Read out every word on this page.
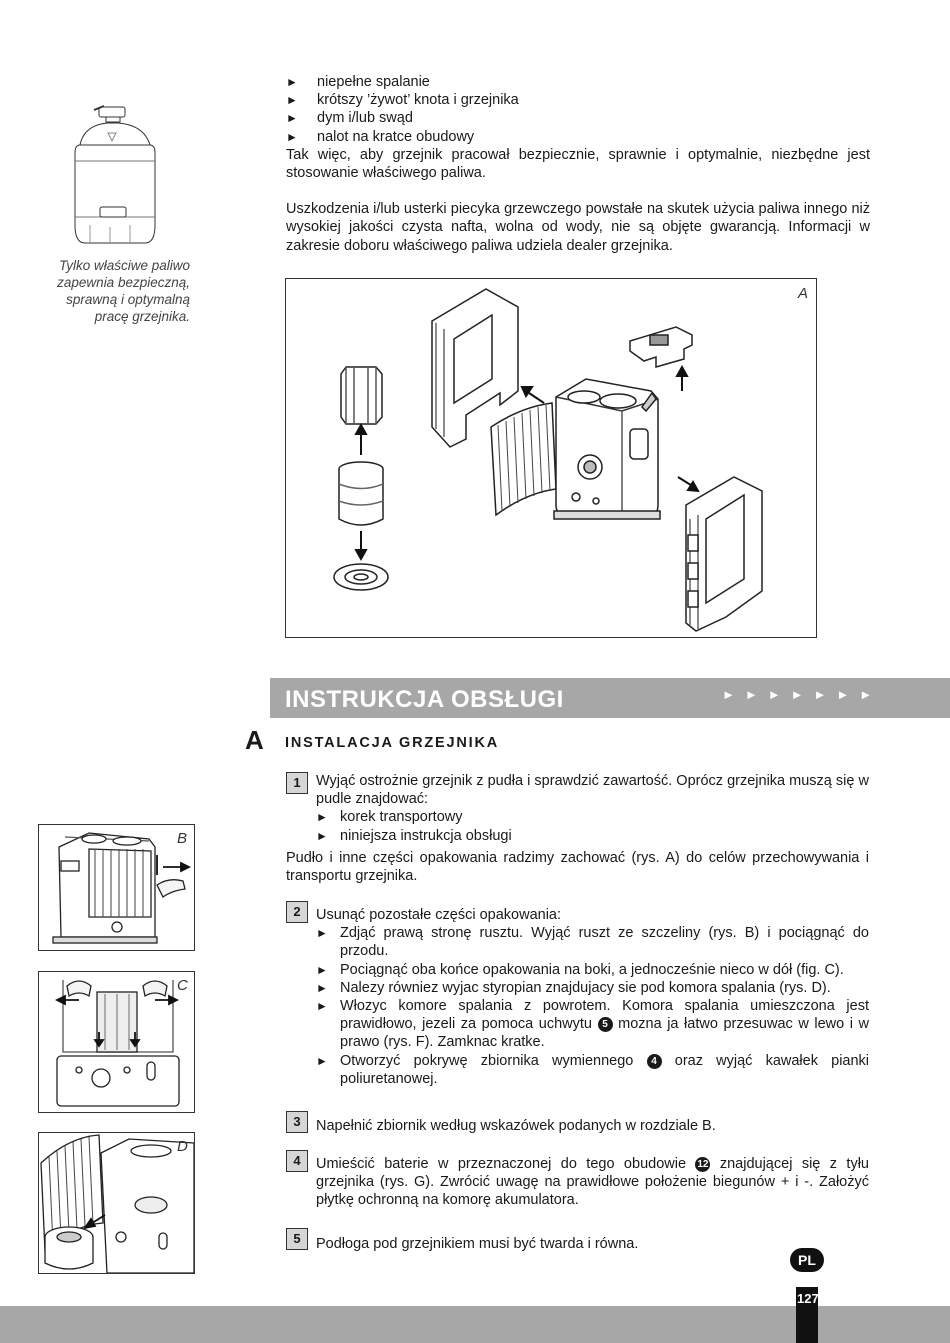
Tylko właściwe paliwo zapewnia bezpieczną, sprawną i optymalną pracę grzejnika.
►	niepełne spalanie
►	krótszy ’żywot’ knota i grzejnika
►	dym i/lub swąd
►	nalot na kratce obudowy
Tak więc, aby grzejnik pracował bezpiecznie, sprawnie i optymalnie, niezbędne jest stosowanie właściwego paliwa.
Uszkodzenia i/lub usterki piecyka grzewczego powstałe na skutek użycia paliwa innego niż wysokiej jakości czysta nafta, wolna od wody, nie są objęte gwarancją. Informacji w zakresie doboru właściwego paliwa udziela dealer grzejnika.
A
INSTRUKCJA OBSŁUGI	►►►►►►►
A INSTALACJA GRZEJNIKA
1	Wyjąć ostrożnie grzejnik z pudła i sprawdzić zawartość. Oprócz grzejnika muszą się w pudle znajdować:
► korek transportowy
► niniejsza instrukcja obsługi
Pudło i inne części opakowania radzimy zachować (rys. A) do celów przechowywania i transportu grzejnika.
2	Usunąć pozostałe części opakowania:
► Zdjąć prawą stronę rusztu. Wyjąć ruszt ze szczeliny (rys. B) i pociągnąć do przodu.
► Pociągnąć oba końce opakowania na boki, a jednocześnie nieco w dół (fig. C).
► Nalezy równiez wyjac styropian znajdujacy sie pod komora spalania (rys. D).
► Włozyc komore spalania z powrotem. Komora spalania umieszczona jest prawidłowo, jezeli za pomoca uchwytu 5 mozna ja łatwo przesuwac w lewo i w prawo (rys. F). Zamknac kratke.
► Otworzyć pokrywę zbiornika wymiennego 4 oraz wyjąć kawałek pianki poliuretanowej.
3	Napełnić zbiornik według wskazówek podanych w rozdziale B.
4	Umieścić baterie w przeznaczonej do tego obudowie 12 znajdującej się z tyłu grzejnika (rys. G). Zwrócić uwagę na prawidłowe położenie biegunów + i -. Założyć płytkę ochronną na komorę akumulatora.
5	Podłoga pod grzejnikiem musi być twarda i równa.
B
C
D
PL
127
